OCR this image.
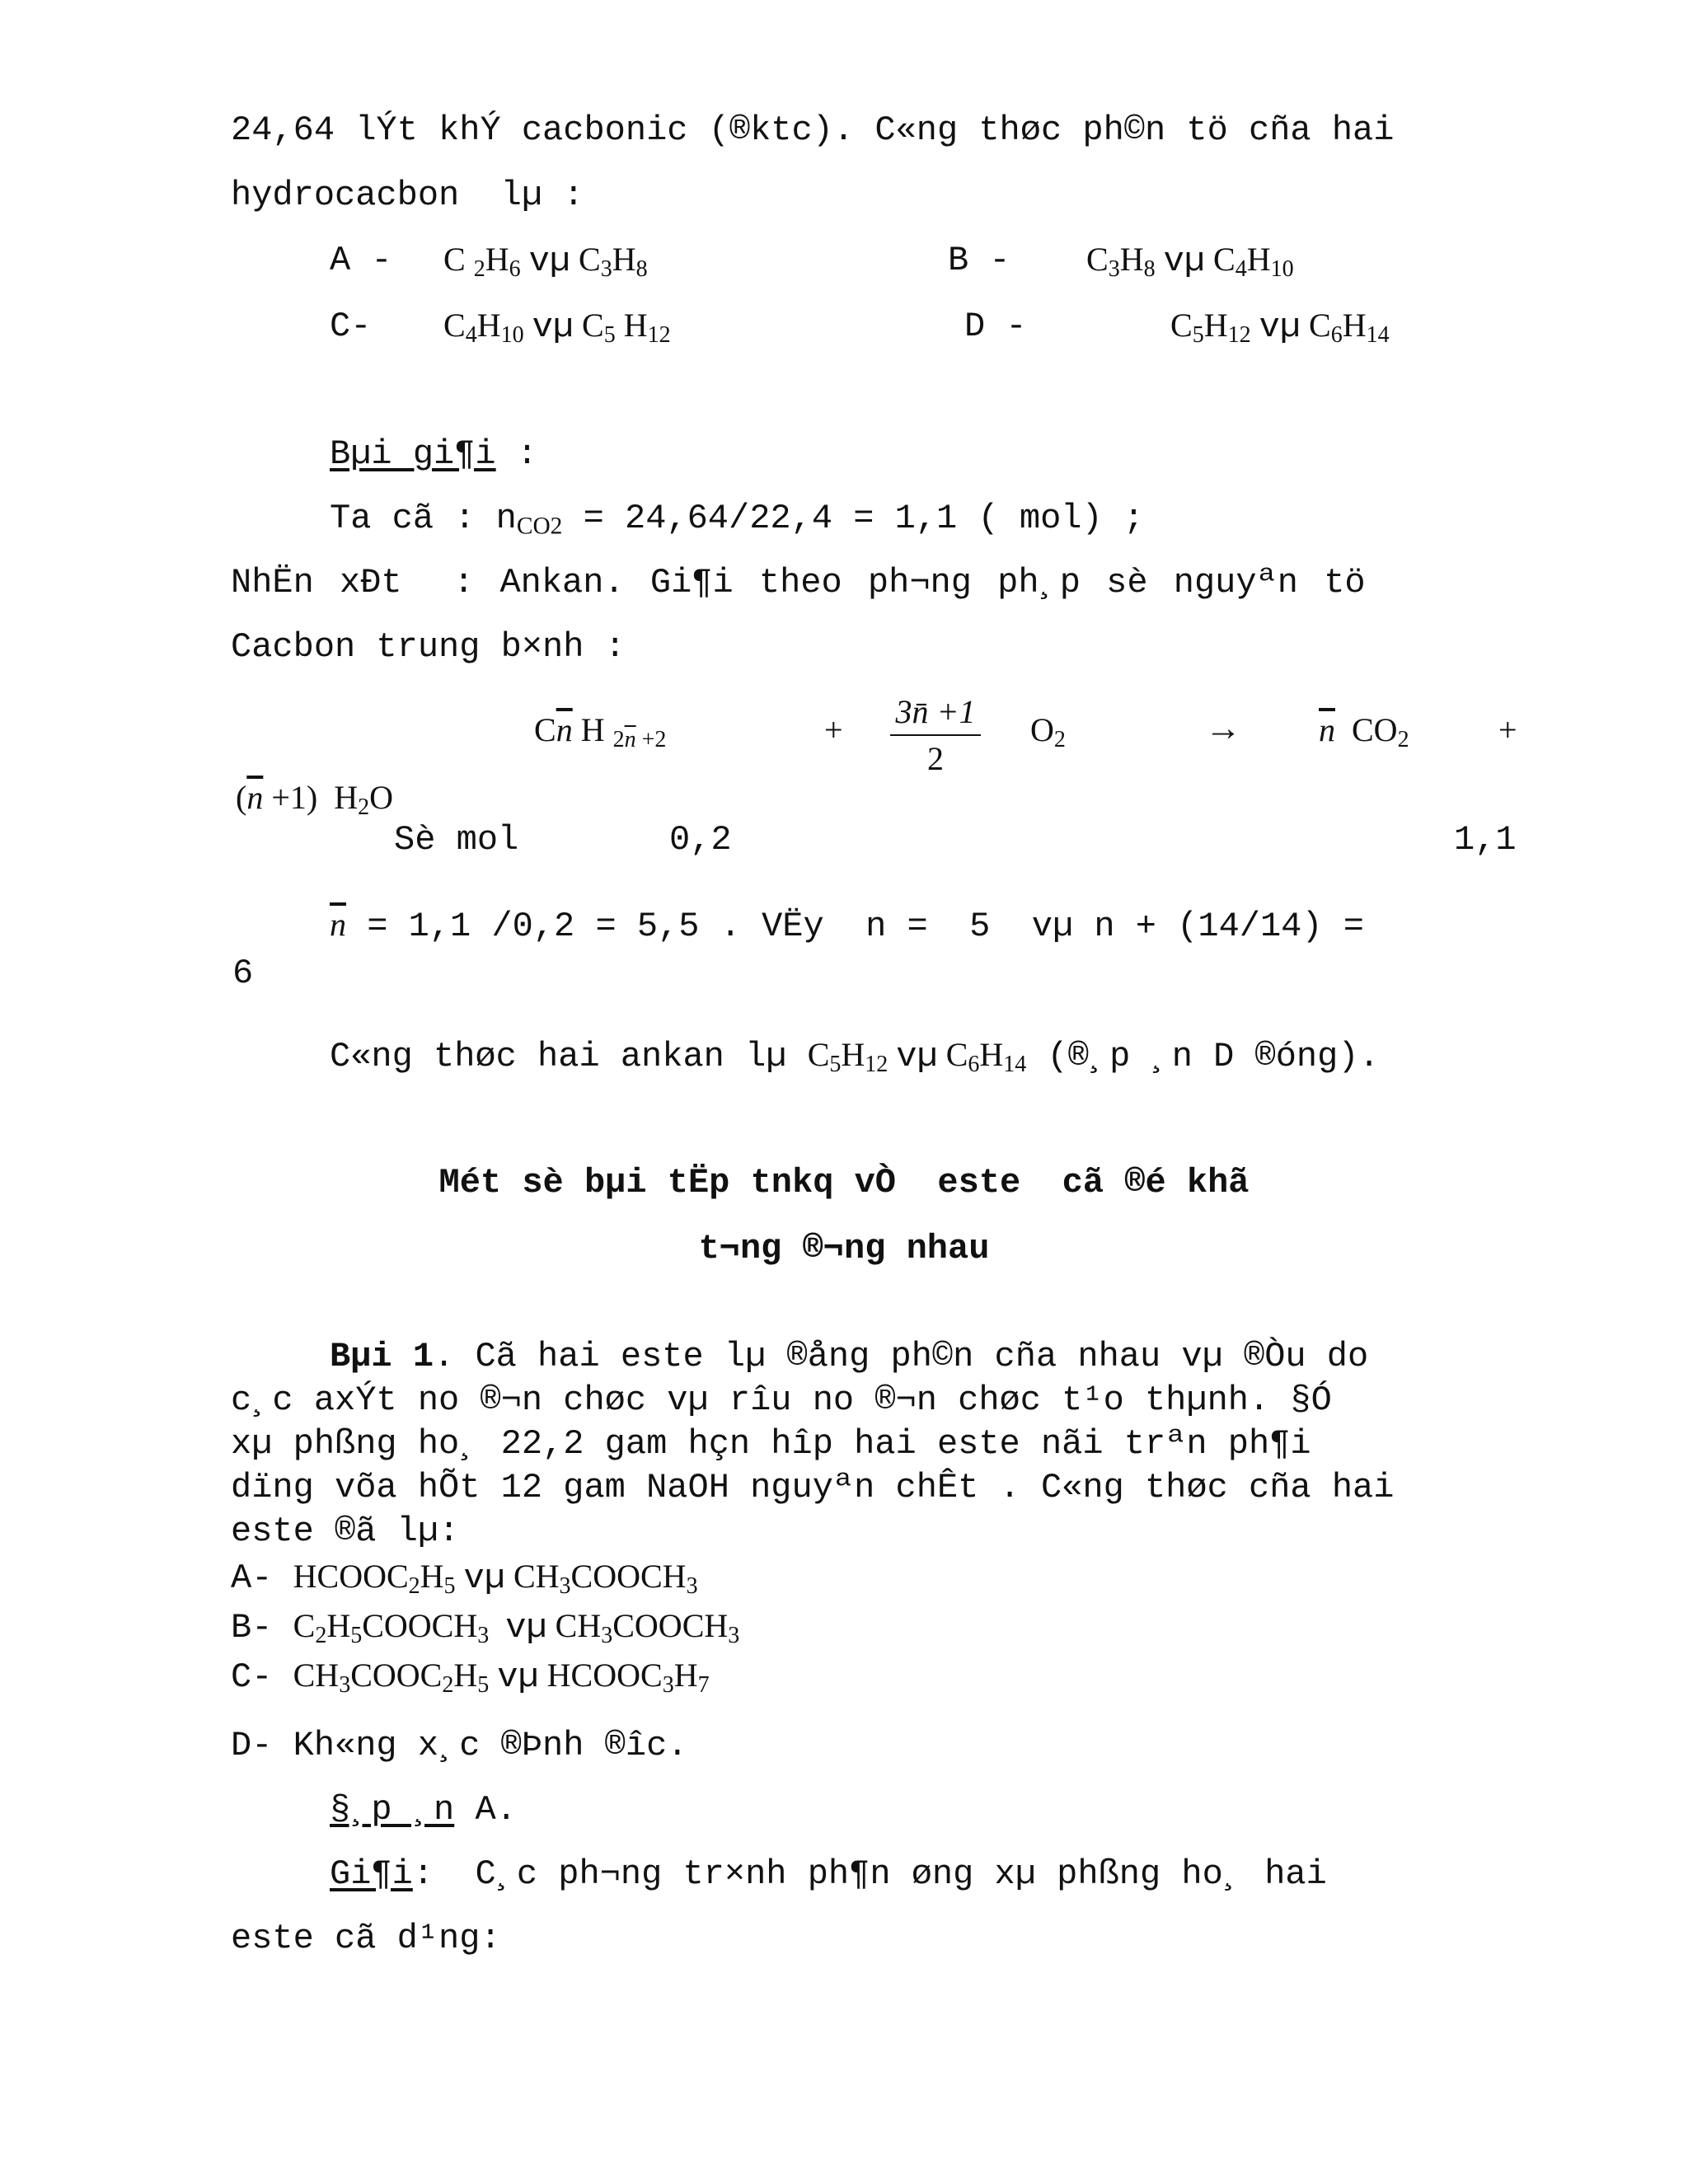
24,64 lÝt khÝ cacbonic (®ktc). C«ng thøc ph©n tö cña hai
hydrocacbon  lµ :
A - C $_2H_6$ vµ $C_3H_8$	B - $C_3H_8$ vµ $C_4H_{10}$
C- $C_4H_{10}$ vµ $C_5$ $H_{12}$	D -	$C_5H_{12}$ vµ $C_6H_{14}$
Bµi gi¶i :
Ta cã : $n_{CO2} = 24,64/22,4 = 1,1$ ( mol) ;
NhËn xÐt  : Ankan. Gi¶i theo ph¬ng ph¸p sè nguyªn tö
Cacbon trung b×nh :
$C\overline{n}$ H $_{2\overline{n} +2}$	+ 3n̄ +1
2
$O_2$	→ $\overline{n}$  $CO_2$	+
$(\overline{n} +1)$  $H_2O$
Sè mol	0,2	1,1
$\overline{n} = 1,1$ /0,2 = 5,5 . VËy  n =  5  vµ n + (14/14) =
6
C«ng thøc hai ankan lµ $C_5H_{12}$ vµ $C_6H_{14}$ (®¸p ¸n D ®óng).
Mét sè bµi tËp tnkq vÒ  este  cã ®é khã
t¬ng ®¬ng nhau
Bµi 1. Cã hai este lµ ®ång ph©n cña nhau vµ ®Òu do
c¸c axÝt no ®¬n chøc vµ rîu no ®¬n chøc t¹o thµnh. §Ó
xµ phßng ho¸ 22,2 gam hçn hîp hai este nãi trªn ph¶i
dïng võa hÕt 12 gam NaOH nguyªn chÊt . C«ng thøc cña hai
este ®ã lµ:
A- $HCOOC_2H_5$ vµ $CH_3COOCH_3$
B- $C_2H_5COOCH_3$ vµ $CH_3COOCH_3$
C- $CH_3COOC_2H_5$ vµ $HCOOC_3H_7$
D- Kh«ng x¸c ®Þnh ®îc.
§¸p ¸n A.
Gi¶i:  C¸c ph¬ng tr×nh ph¶n øng xµ phßng ho¸ hai
este cã d¹ng:
